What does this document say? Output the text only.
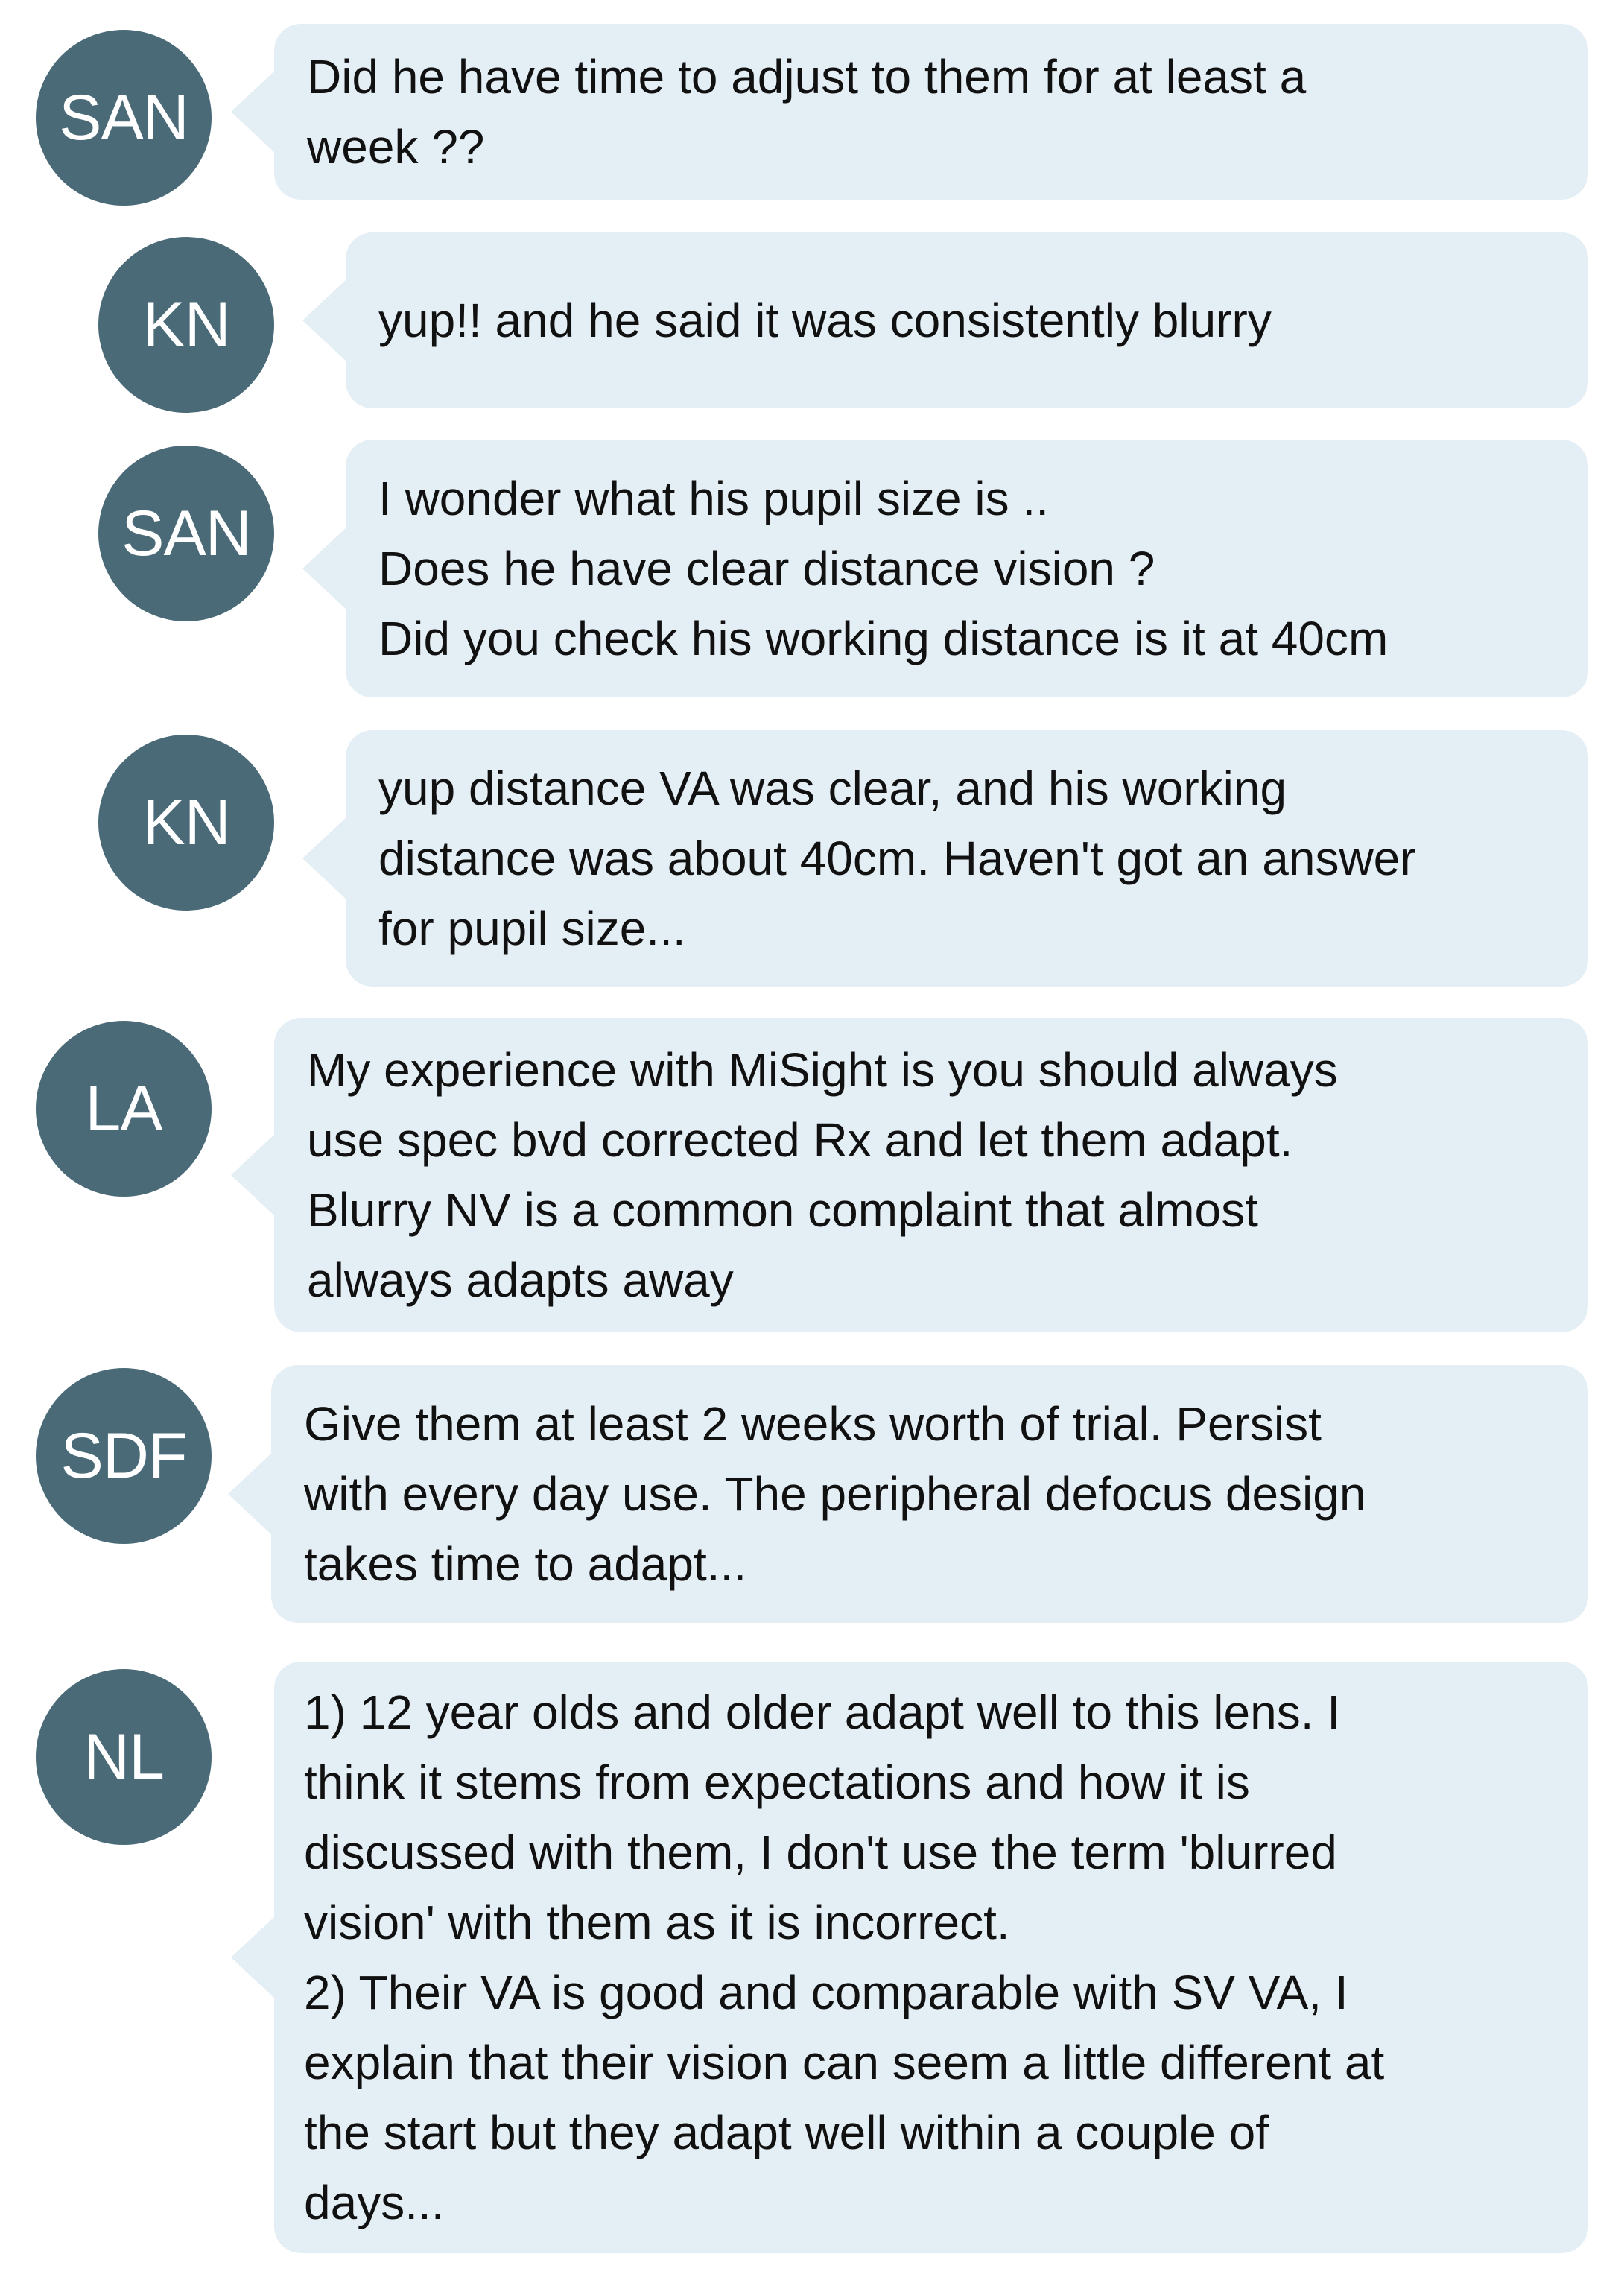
SAN
Did he have time to adjust to them for at least a
week ??
KN	yup!! and he said it was consistently blurry
SAN	I wonder what his pupil size is ..
Does he have clear distance vision ?
Did you check his working distance is it at 40cm
KN	yup distance VA was clear, and his working
distance was about 40cm. Haven't got an answer
for pupil size...
LA
My experience with MiSight is you should always
use spec bvd corrected Rx and let them adapt.
Blurry NV is a common complaint that almost
always adapts away
SDF Give them at least 2 weeks worth of trial. Persist
with every day use. The peripheral defocus design
takes time to adapt...
NL
1) 12 year olds and older adapt well to this lens. I
think it stems from expectations and how it is
discussed with them, I don't use the term 'blurred
vision' with them as it is incorrect.
2) Their VA is good and comparable with SV VA, I
explain that their vision can seem a little different at
the start but they adapt well within a couple of
days...
